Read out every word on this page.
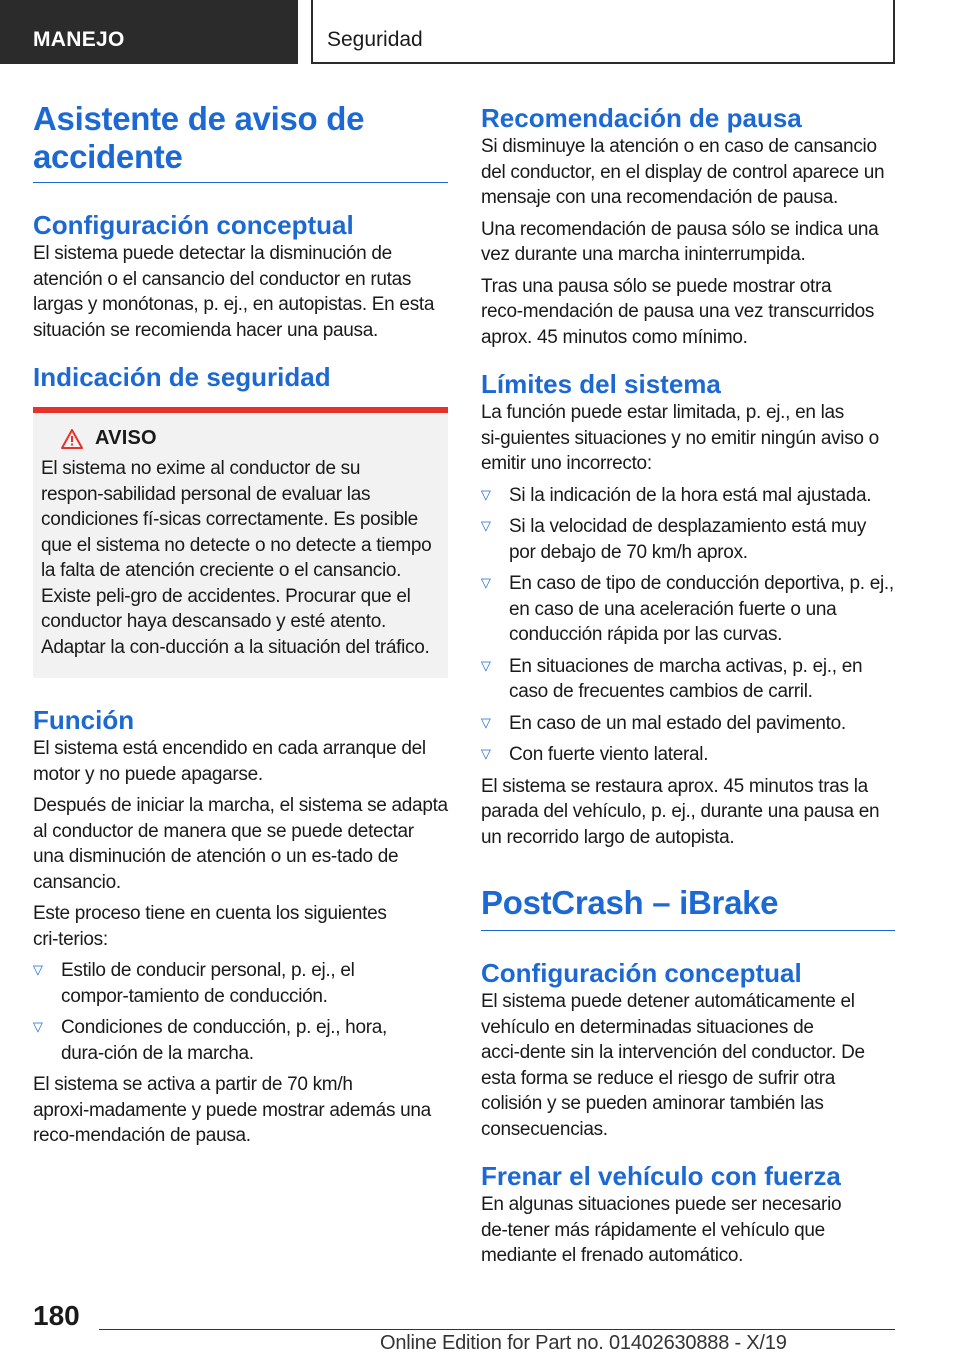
MANEJO	Seguridad
Asistente de aviso de accidente
Configuración conceptual

El sistema puede detectar la disminución de atención o el cansancio del conductor en rutas largas y monótonas, p. ej., en autopistas. En esta situación se recomienda hacer una pausa.

Indicación de seguridad
AVISO

El sistema no exime al conductor de su respon‑sabilidad personal de evaluar las condiciones fí‑sicas correctamente. Es posible que el sistema no detecte o no detecte a tiempo la falta de atención creciente o el cansancio. Existe peli‑gro de accidentes. Procurar que el conductor haya descansado y esté atento. Adaptar la con‑ducción a la situación del tráfico.

Función

El sistema está encendido en cada arranque del motor y no puede apagarse.

Después de iniciar la marcha, el sistema se adapta al conductor de manera que se puede detectar una disminución de atención o un es‑tado de cansancio.

Este proceso tiene en cuenta los siguientes cri‑terios:

▷ Estilo de conducir personal, p. ej., el compor‑tamiento de conducción.
▷ Condiciones de conducción, p. ej., hora, dura‑ción de la marcha.

El sistema se activa a partir de 70 km/h aproxi‑madamente y puede mostrar además una reco‑mendación de pausa.

Recomendación de pausa

Si disminuye la atención o en caso de cansancio del conductor, en el display de control aparece un mensaje con una recomendación de pausa.

Una recomendación de pausa sólo se indica una vez durante una marcha ininterrumpida.

Tras una pausa sólo se puede mostrar otra reco‑mendación de pausa una vez transcurridos aprox. 45 minutos como mínimo.

Límites del sistema

La función puede estar limitada, p. ej., en las si‑guientes situaciones y no emitir ningún aviso o emitir uno incorrecto:

▷ Si la indicación de la hora está mal ajustada.
▷ Si la velocidad de desplazamiento está muy por debajo de 70 km/h aprox.
▷ En caso de tipo de conducción deportiva, p. ej., en caso de una aceleración fuerte o una conducción rápida por las curvas.
▷ En situaciones de marcha activas, p. ej., en caso de frecuentes cambios de carril.
▷ En caso de un mal estado del pavimento.
▷ Con fuerte viento lateral.

El sistema se restaura aprox. 45 minutos tras la parada del vehículo, p. ej., durante una pausa en un recorrido largo de autopista.

PostCrash – iBrake
Configuración conceptual

El sistema puede detener automáticamente el vehículo en determinadas situaciones de acci‑dente sin la intervención del conductor. De esta forma se reduce el riesgo de sufrir otra colisión y se pueden aminorar también las consecuencias.

Frenar el vehículo con fuerza

En algunas situaciones puede ser necesario de‑tener más rápidamente el vehículo que mediante el frenado automático.

180
Online Edition for Part no. 01402630888 - X/19
